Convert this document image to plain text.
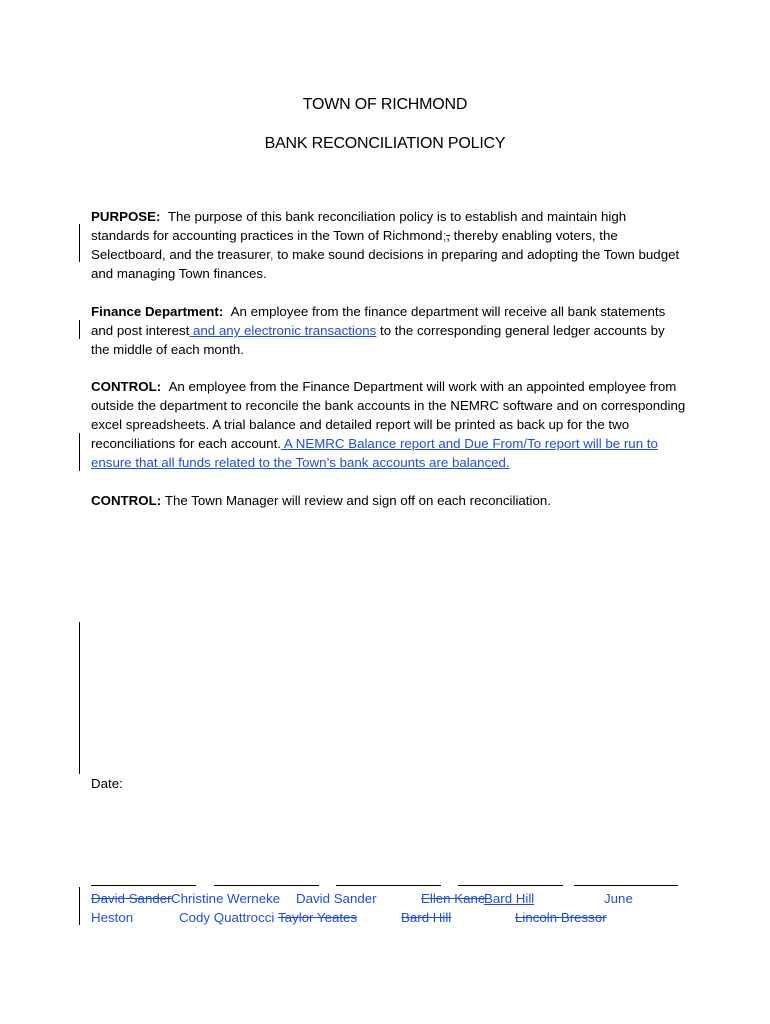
TOWN OF RICHMOND
BANK RECONCILIATION POLICY

PURPOSE: The purpose of this bank reconciliation policy is to establish and maintain high standards for accounting practices in the Town of Richmond;, thereby enabling voters, the Selectboard, and the treasurer, to make sound decisions in preparing and adopting the Town budget and managing Town finances.

Finance Department: An employee from the finance department will receive all bank statements and post interest and any electronic transactions to the corresponding general ledger accounts by the middle of each month.

CONTROL: An employee from the Finance Department will work with an appointed employee from outside the department to reconcile the bank accounts in the NEMRC software and on corresponding excel spreadsheets. A trial balance and detailed report will be printed as back up for the two reconciliations for each account. A NEMRC Balance report and Due From/To report will be run to ensure that all funds related to the Town’s bank accounts are balanced.

CONTROL: The Town Manager will review and sign off on each reconciliation.

Date:
David Sander Christine Werneke David Sander	Ellen Kane
Bard Hill	June
Heston	Cody Quattrocci Taylor Yeates	Bard Hill	Lincoln Bressor
